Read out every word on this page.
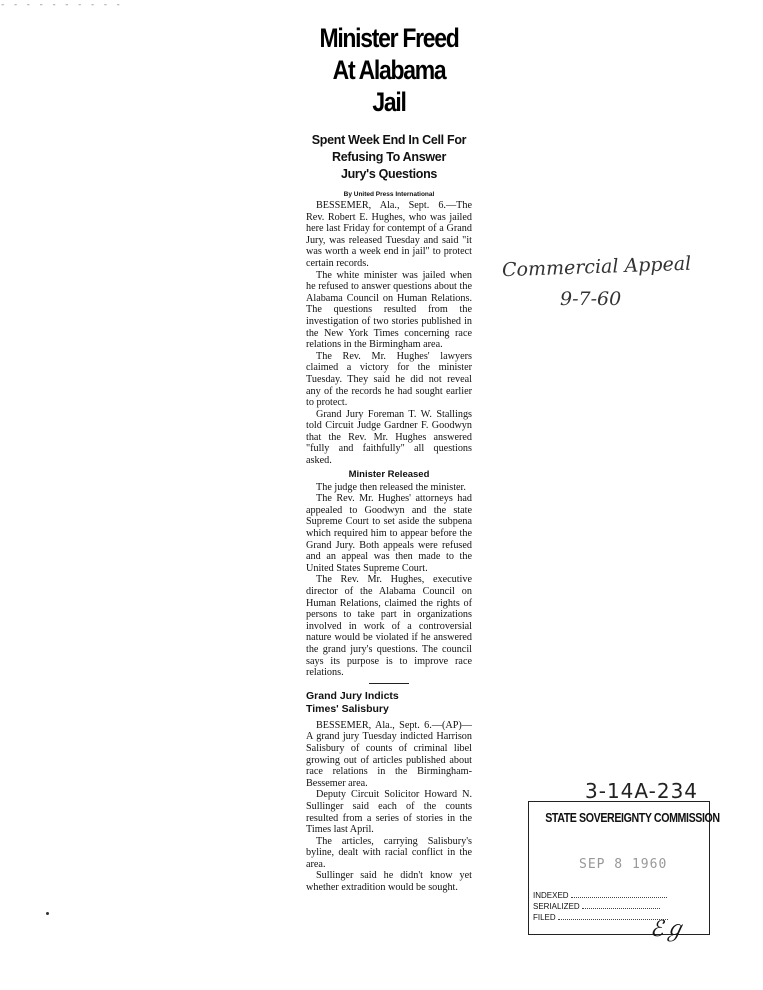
- - - - - - - - - -
Minister Freed
At Alabama Jail
Spent Week End In Cell For
Refusing To Answer
Jury's Questions
By United Press International

BESSEMER, Ala., Sept. 6.—The Rev. Robert E. Hughes, who was jailed here last Friday for contempt of a Grand Jury, was released Tuesday and said "it was worth a week end in jail" to protect certain records.

The white minister was jailed when he refused to answer questions about the Alabama Council on Human Relations. The questions resulted from the investigation of two stories published in the New York Times concerning race relations in the Birmingham area.

The Rev. Mr. Hughes' lawyers claimed a victory for the minister Tuesday. They said he did not reveal any of the records he had sought earlier to protect.

Grand Jury Foreman T. W. Stallings told Circuit Judge Gardner F. Goodwyn that the Rev. Mr. Hughes answered "fully and faithfully" all questions asked.

Minister Released

The judge then released the minister.

The Rev. Mr. Hughes' attorneys had appealed to Goodwyn and the state Supreme Court to set aside the subpena which required him to appear before the Grand Jury. Both appeals were refused and an appeal was then made to the United States Supreme Court.

The Rev. Mr. Hughes, executive director of the Alabama Council on Human Relations, claimed the rights of persons to take part in organizations involved in work of a controversial nature would be violated if he answered the grand jury's questions. The council says its purpose is to improve race relations.

Grand Jury Indicts
Times' Salisbury

BESSEMER, Ala., Sept. 6.—(AP)—A grand jury Tuesday indicted Harrison Salisbury of counts of criminal libel growing out of articles published about race relations in the Birmingham-Bessemer area.

Deputy Circuit Solicitor Howard N. Sullinger said each of the counts resulted from a series of stories in the Times last April.

The articles, carrying Salisbury's byline, dealt with racial conflict in the area.

Sullinger said he didn't know yet whether extradition would be sought.

Commercial Appeal
9-7-60
3-14A-234
STATE SOVEREIGNTY COMMISSION
SEP 8 1960
INDEXED
SERIALIZED
FILED	ℰℊ
